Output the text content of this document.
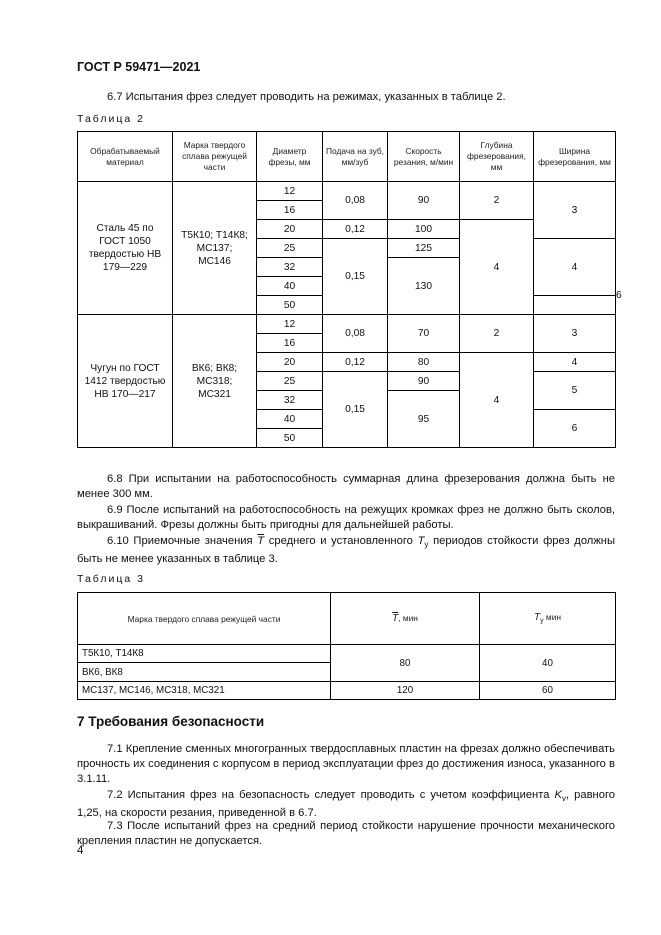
ГОСТ Р 59471—2021
6.7 Испытания фрез следует проводить на режимах, указанных в таблице 2.
Таблица 2
Обрабатываемый материал	Марка твердого сплава режущей части	Диаметр фрезы, мм	Подача на зуб, мм/зуб	Скорость резания, м/мин	Глубина фрезерования, мм	Ширина фрезерования, мм	
Сталь 45 по ГОСТ 1050 твердостью НВ 179—229	Т5К10; Т14К8; МС137; МС146	12	0,08	90	2	3	
		16					
		20	0,12	100	4		
		25	0,15	125		4	
		32		130			
		40					6
		50					
Чугун по ГОСТ 1412 твердостью НВ 170—217	ВК6; ВК8; МС318; МС321	12	0,08	70	2	3	
		16					
		20	0,12	80	4	4	
		25	0,15	90		5	
		32		95			
		40				6	
		50					
6.8 При испытании на работоспособность суммарная длина фрезерования должна быть не менее 300 мм.
6.9 После испытаний на работоспособность на режущих кромках фрез не должно быть сколов, выкрашиваний. Фрезы должны быть пригодны для дальнейшей работы.
6.10 Приемочные значения $\overline{T}$ среднего и установленного $T_у$ периодов стойкости фрез должны быть не менее указанных в таблице 3.
Таблица 3
Марка твердого сплава режущей части	$\overline{T}$, мин	$T_у$ мин
Т5К10, Т14К8	80	40
ВК6, ВК8		
МС137, МС146, МС318, МС321	120	60
7 Требования безопасности
7.1 Крепление сменных многогранных твердосплавных пластин на фрезах должно обеспечивать прочность их соединения с корпусом в период эксплуатации фрез до достижения износа, указанного в 3.1.11.
7.2 Испытания фрез на безопасность следует проводить с учетом коэффициента $K_v$, равного 1,25, на скорости резания, приведенной в 6.7.
7.3 После испытаний фрез на средний период стойкости нарушение прочности механического крепления пластин не допускается.
4
